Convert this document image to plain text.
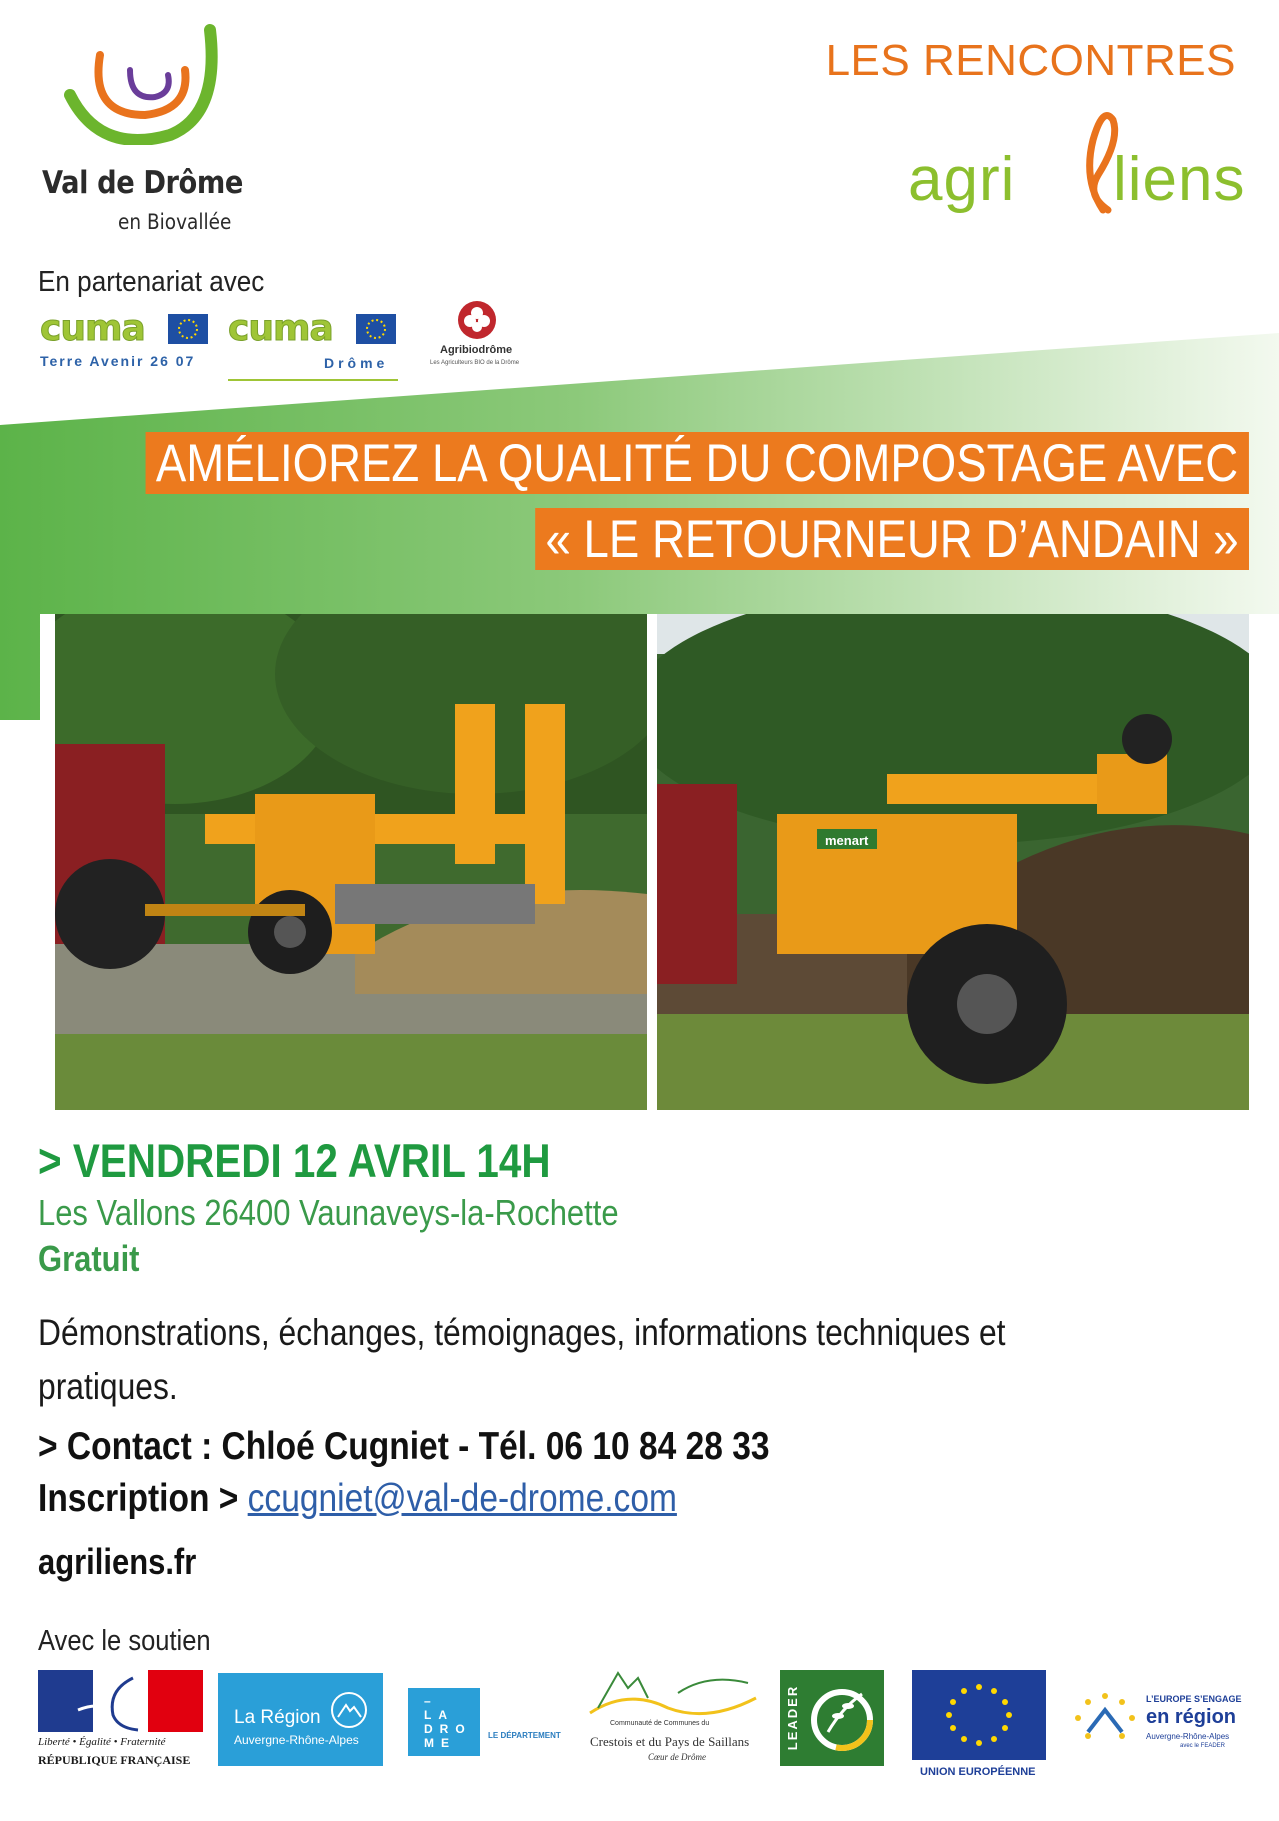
Val de Drôme
en Biovallée
LES RENCONTRES
agri liens
En partenariat avec
cuma
Terre Avenir 26 07
cuma
Drôme
Agribiodrôme
Les Agriculteurs BIO de la Drôme
AMÉLIOREZ LA QUALITÉ DU COMPOSTAGE AVEC
« LE RETOURNEUR D’ANDAIN »
menart
> VENDREDI 12 AVRIL 14H
Les Vallons 26400 Vaunaveys-la-Rochette
Gratuit
Démonstrations, échanges, témoignages, informations techniques et pratiques.
> Contact : Chloé Cugniet - Tél. 06 10 84 28 33
Inscription > ccugniet@val-de-drome.com
agriliens.fr
Avec le soutien
Liberté • Égalité • Fraternité
RÉPUBLIQUE FRANÇAISE
La Région
Auvergne-Rhône-Alpes
– LA DRO ME –
LE DÉPARTEMENT
Communauté de Communes du
Crestois et du Pays de Saillans
Cœur de Drôme
LEADER
UNION EUROPÉENNE
L’EUROPE S’ENGAGE
en région
Auvergne-Rhône-Alpes
avec le FEADER
